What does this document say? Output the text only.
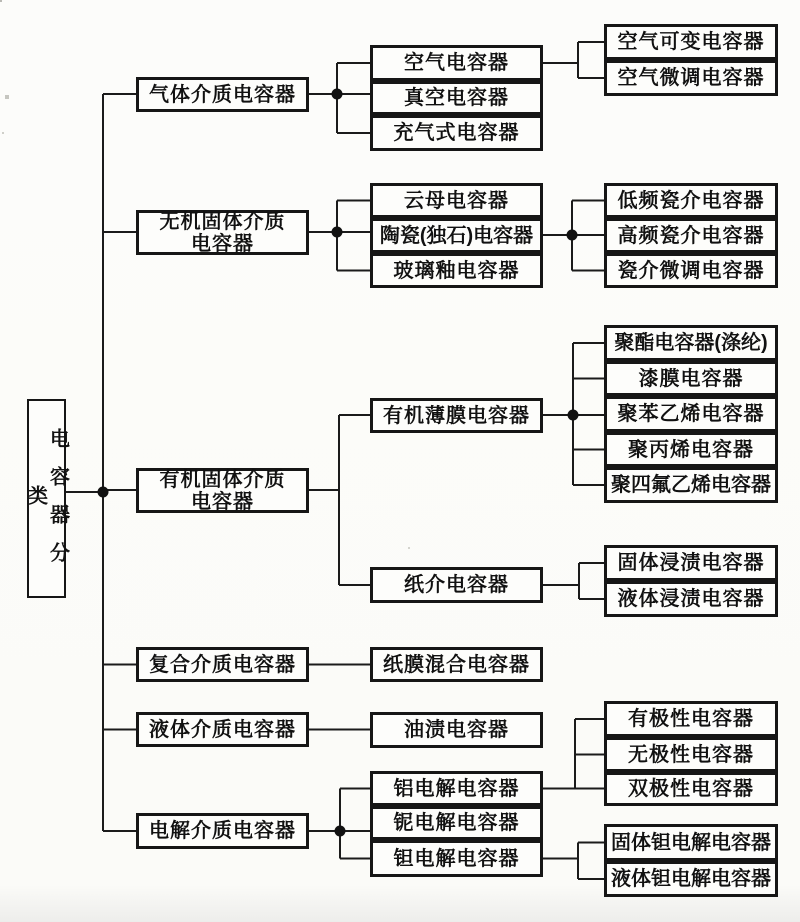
电容器分类
气体介质电容器
无机固体介质
电容器
有机固体介质
电容器
复合介质电容器
液体介质电容器
电解介质电容器
空气电容器
真空电容器
充气式电容器
云母电容器
陶瓷(独石)电容器
玻璃釉电容器
有机薄膜电容器
纸介电容器
纸膜混合电容器
油渍电容器
铝电解电容器
铌电解电容器
钽电解电容器
空气可变电容器
空气微调电容器
低频瓷介电容器
高频瓷介电容器
瓷介微调电容器
聚酯电容器(涤纶)
漆膜电容器
聚苯乙烯电容器
聚丙烯电容器
聚四氟乙烯电容器
固体浸渍电容器
液体浸渍电容器
有极性电容器
无极性电容器
双极性电容器
固体钽电解电容器
液体钽电解电容器
